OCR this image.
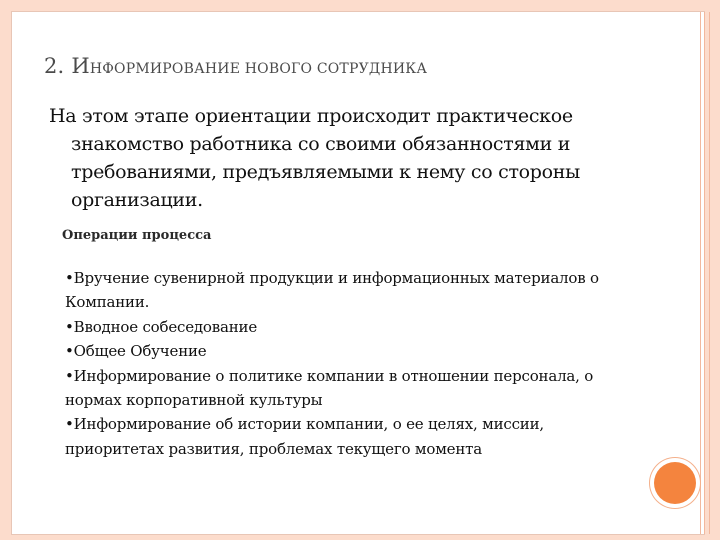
2. ИНФОРМИРОВАНИЕ НОВОГО СОТРУДНИКА

На этом этапе ориентации происходит практическое знакомство работника со своими обязанностями и требованиями, предъявляемыми к нему со стороны организации.

Операции процесса
•Вручение сувенирной продукции и информационных материалов о Компании.
•Вводное собеседование
•Общее Обучение
•Информирование о политике компании в отношении персонала, о нормах корпоративной культуры
•Информирование об истории компании, о ее целях, миссии, приоритетах развития, проблемах текущего момента
